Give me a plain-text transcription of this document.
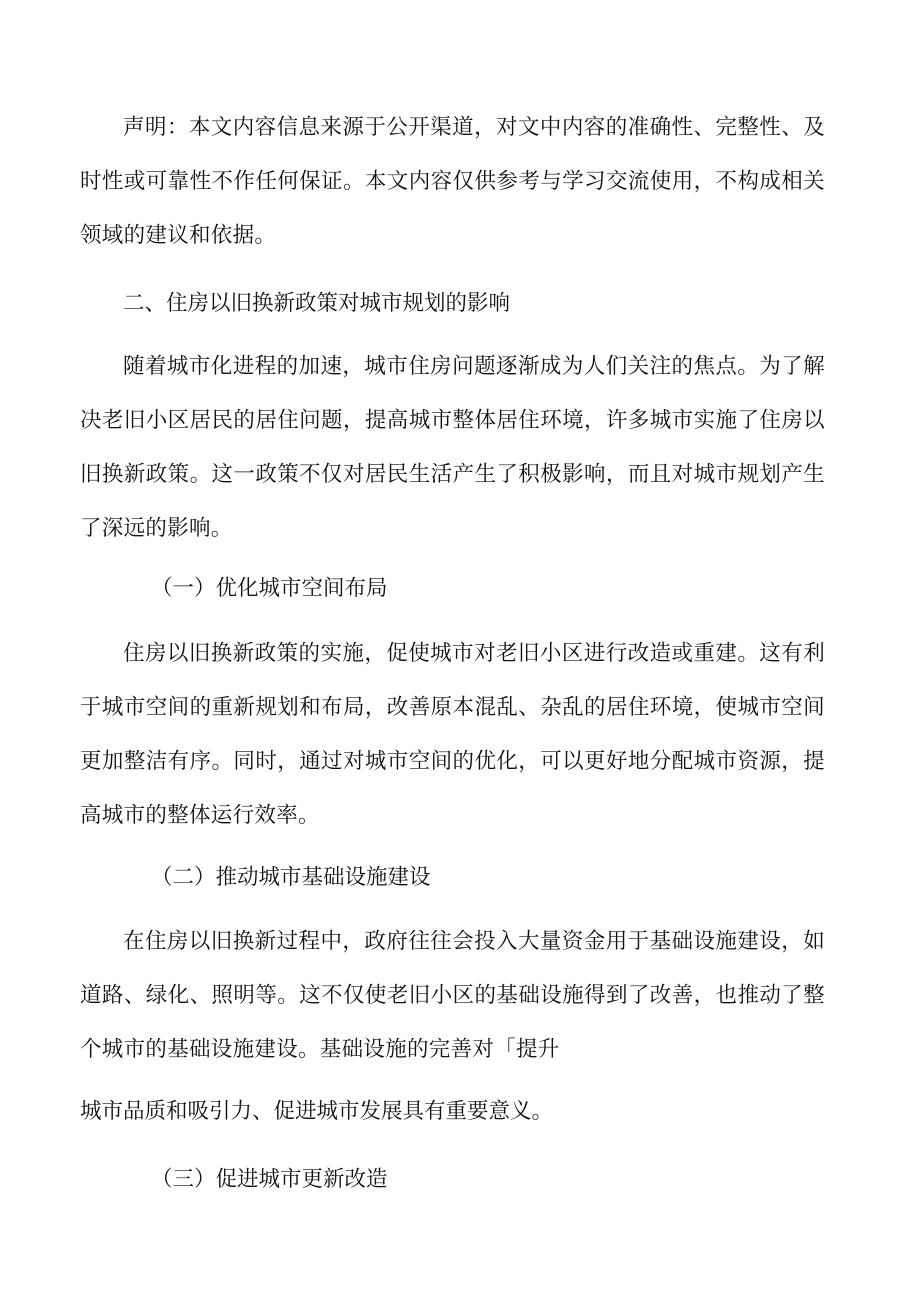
声明：本文内容信息来源于公开渠道，对文中内容的准确性、完整性、及时性或可靠性不作任何保证。本文内容仅供参考与学习交流使用，不构成相关领域的建议和依据。

二、住房以旧换新政策对城市规划的影响

随着城市化进程的加速，城市住房问题逐渐成为人们关注的焦点。为了解决老旧小区居民的居住问题，提高城市整体居住环境，许多城市实施了住房以旧换新政策。这一政策不仅对居民生活产生了积极影响，而且对城市规划产生了深远的影响。

（一）优化城市空间布局

住房以旧换新政策的实施，促使城市对老旧小区进行改造或重建。这有利于城市空间的重新规划和布局，改善原本混乱、杂乱的居住环境，使城市空间更加整洁有序。同时，通过对城市空间的优化，可以更好地分配城市资源，提高城市的整体运行效率。

（二）推动城市基础设施建设

在住房以旧换新过程中，政府往往会投入大量资金用于基础设施建设，如道路、绿化、照明等。这不仅使老旧小区的基础设施得到了改善，也推动了整个城市的基础设施建设。基础设施的完善对「提升

城市品质和吸引力、促进城市发展具有重要意义。

（三）促进城市更新改造
